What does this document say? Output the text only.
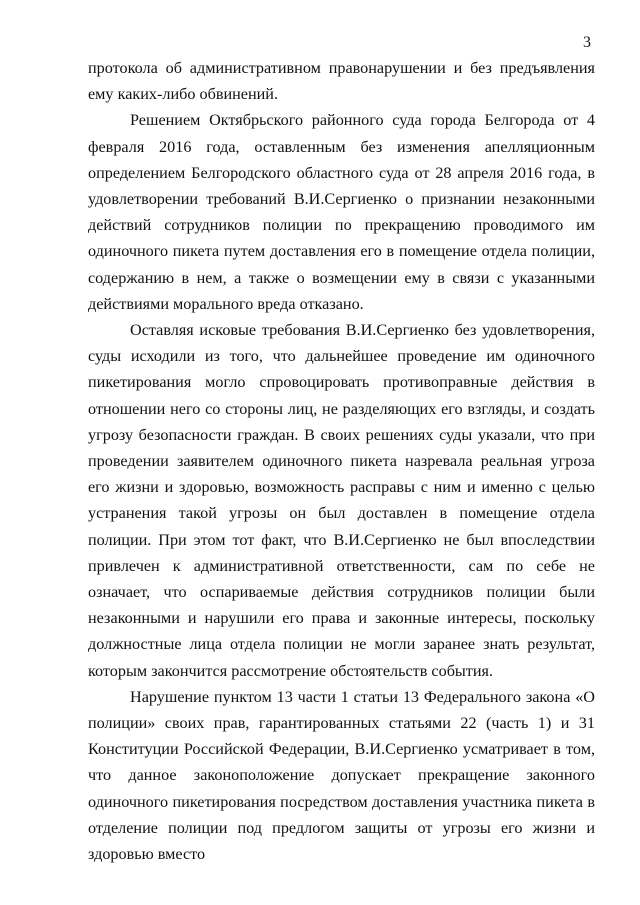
3

протокола об административном правонарушении и без предъявления ему каких-либо обвинений.

Решением Октябрьского районного суда города Белгорода от 4 февраля 2016 года, оставленным без изменения апелляционным определением Белгородского областного суда от 28 апреля 2016 года, в удовлетворении требований В.И.Сергиенко о признании незаконными действий сотрудников полиции по прекращению проводимого им одиночного пикета путем доставления его в помещение отдела полиции, содержанию в нем, а также о возмещении ему в связи с указанными действиями морального вреда отказано.

Оставляя исковые требования В.И.Сергиенко без удовлетворения, суды исходили из того, что дальнейшее проведение им одиночного пикетирования могло спровоцировать противоправные действия в отношении него со стороны лиц, не разделяющих его взгляды, и создать угрозу безопасности граждан. В своих решениях суды указали, что при проведении заявителем одиночного пикета назревала реальная угроза его жизни и здоровью, возможность расправы с ним и именно с целью устранения такой угрозы он был доставлен в помещение отдела полиции. При этом тот факт, что В.И.Сергиенко не был впоследствии привлечен к административной ответственности, сам по себе не означает, что оспариваемые действия сотрудников полиции были незаконными и нарушили его права и законные интересы, поскольку должностные лица отдела полиции не могли заранее знать результат, которым закончится рассмотрение обстоятельств события.

Нарушение пунктом 13 части 1 статьи 13 Федерального закона «О полиции» своих прав, гарантированных статьями 22 (часть 1) и 31 Конституции Российской Федерации, В.И.Сергиенко усматривает в том, что данное законоположение допускает прекращение законного одиночного пикетирования посредством доставления участника пикета в отделение полиции под предлогом защиты от угрозы его жизни и здоровью вместо
